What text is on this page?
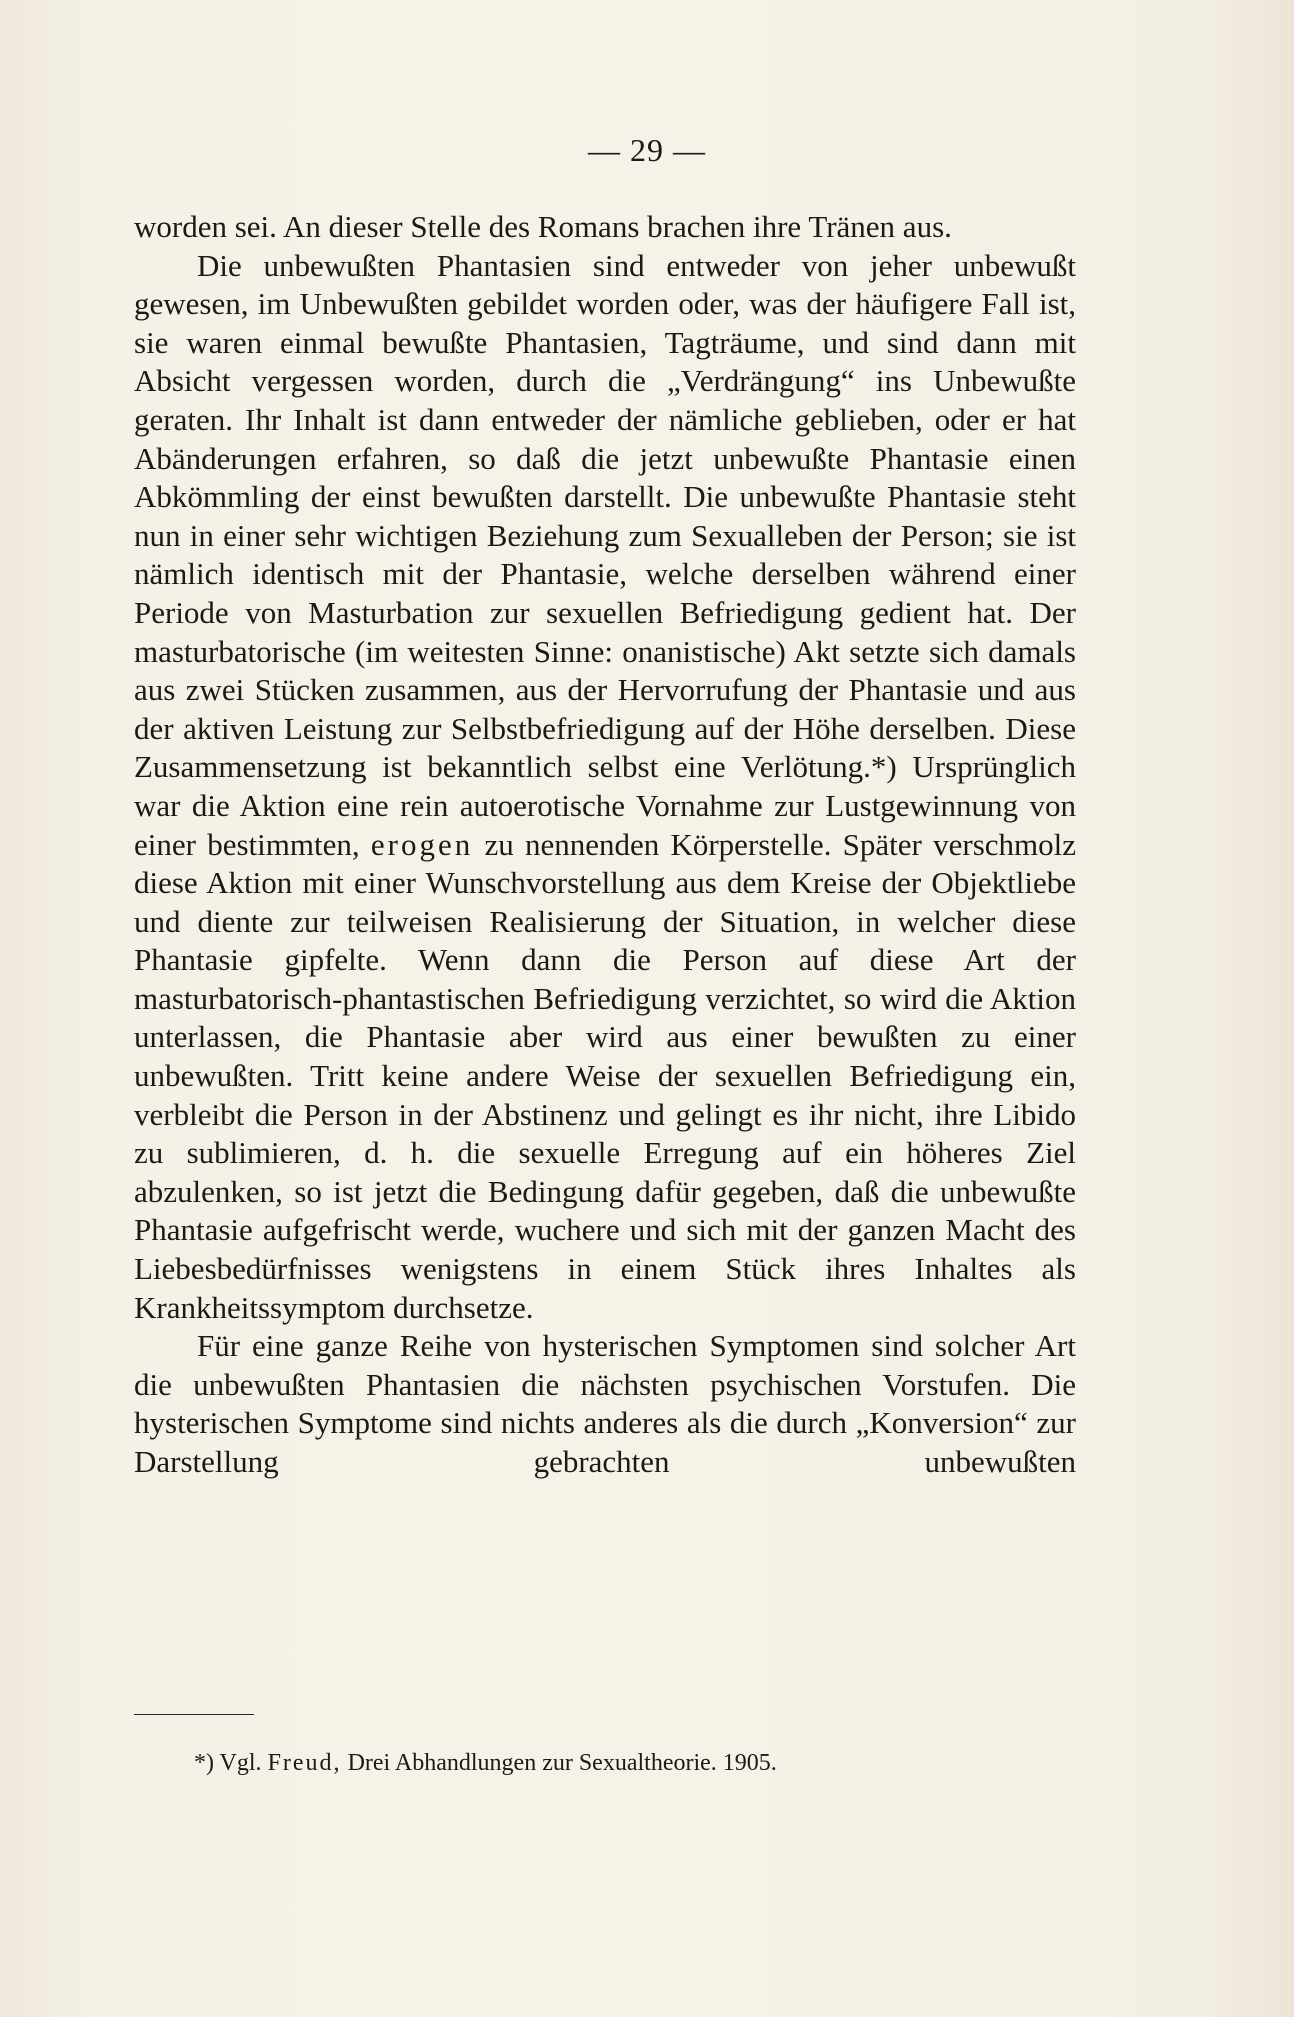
— 29 —

worden sei. An dieser Stelle des Romans brachen ihre Tränen aus.

Die unbewußten Phantasien sind entweder von jeher unbewußt gewesen, im Unbewußten gebildet worden oder, was der häufigere Fall ist, sie waren einmal bewußte Phantasien, Tagträume, und sind dann mit Absicht vergessen worden, durch die „Verdrängung“ ins Unbewußte geraten. Ihr Inhalt ist dann entweder der nämliche geblieben, oder er hat Abänderungen erfahren, so daß die jetzt unbewußte Phantasie einen Abkömmling der einst bewußten darstellt. Die unbewußte Phantasie steht nun in einer sehr wichtigen Beziehung zum Sexualleben der Person; sie ist nämlich identisch mit der Phantasie, welche derselben während einer Periode von Masturbation zur sexuellen Befriedigung gedient hat. Der masturbatorische (im weitesten Sinne: onanistische) Akt setzte sich damals aus zwei Stücken zusammen, aus der Hervorrufung der Phantasie und aus der aktiven Leistung zur Selbstbefriedigung auf der Höhe derselben. Diese Zusammensetzung ist bekanntlich selbst eine Verlötung.*) Ursprünglich war die Aktion eine rein autoerotische Vornahme zur Lustgewinnung von einer bestimmten, erogen zu nennenden Körperstelle. Später verschmolz diese Aktion mit einer Wunschvorstellung aus dem Kreise der Objektliebe und diente zur teilweisen Realisierung der Situation, in welcher diese Phantasie gipfelte. Wenn dann die Person auf diese Art der masturbatorisch-phantastischen Befriedigung verzichtet, so wird die Aktion unterlassen, die Phantasie aber wird aus einer bewußten zu einer unbewußten. Tritt keine andere Weise der sexuellen Befriedigung ein, verbleibt die Person in der Abstinenz und gelingt es ihr nicht, ihre Libido zu sublimieren, d. h. die sexuelle Erregung auf ein höheres Ziel abzulenken, so ist jetzt die Bedingung dafür gegeben, daß die unbewußte Phantasie aufgefrischt werde, wuchere und sich mit der ganzen Macht des Liebesbedürfnisses wenigstens in einem Stück ihres Inhaltes als Krankheitssymptom durchsetze.

Für eine ganze Reihe von hysterischen Symptomen sind solcher Art die unbewußten Phantasien die nächsten psychischen Vorstufen. Die hysterischen Symptome sind nichts anderes als die durch „Konversion“ zur Darstellung gebrachten unbewußten

*) Vgl. Freud, Drei Abhandlungen zur Sexualtheorie. 1905.
